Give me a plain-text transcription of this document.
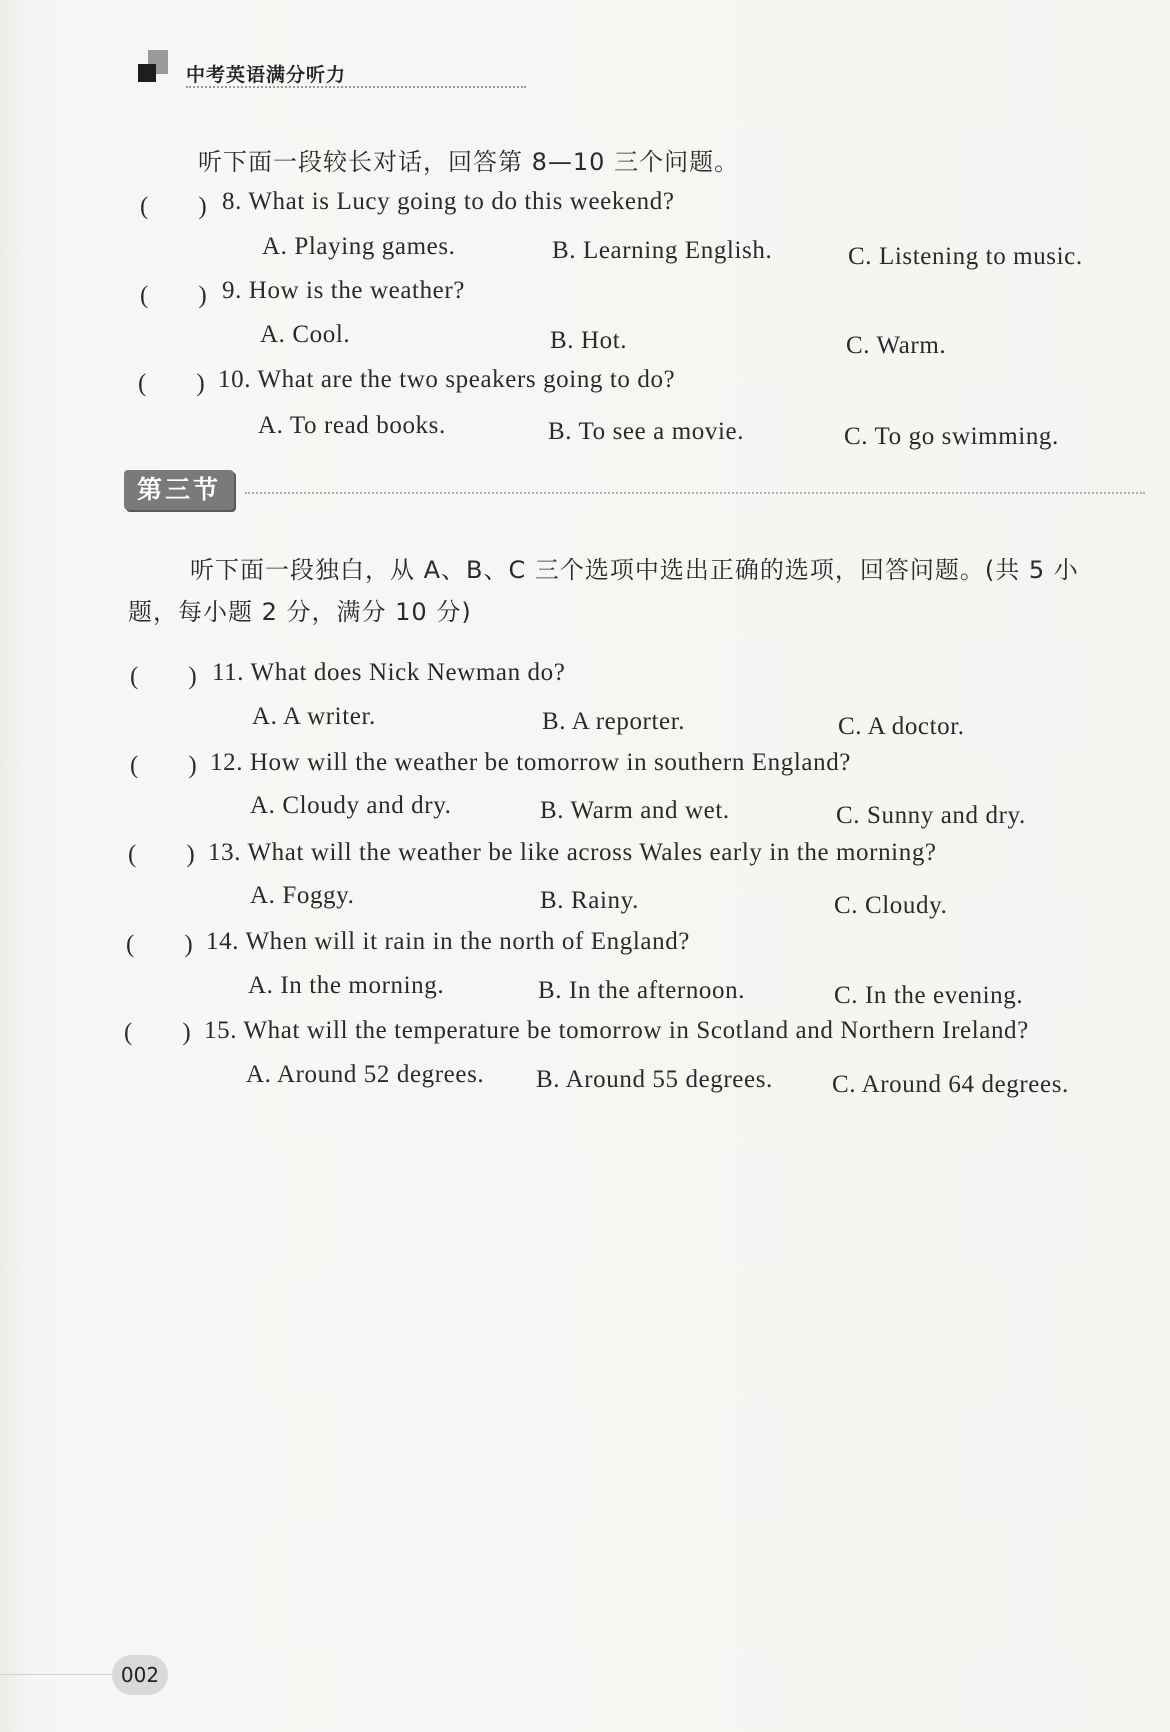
中考英语满分听力
听下面一段较长对话，回答第 8—10 三个问题。
(　　) 8. What is Lucy going to do this weekend?
A. Playing games.	B. Learning English.	C. Listening to music.
(　　) 9. How is the weather?
A. Cool.	B. Hot.	C. Warm.
(　　) 10. What are the two speakers going to do?
A. To read books.	B. To see a movie.	C. To go swimming.
第三节
听下面一段独白，从 A、B、C 三个选项中选出正确的选项，回答问题。(共 5 小
题，每小题 2 分，满分 10 分)
(　　) 11. What does Nick Newman do?
A. A writer.	B. A reporter.	C. A doctor.
(　　) 12. How will the weather be tomorrow in southern England?
A. Cloudy and dry.	B. Warm and wet.	C. Sunny and dry.
(　　) 13. What will the weather be like across Wales early in the morning?
A. Foggy.	B. Rainy.	C. Cloudy.
(　　) 14. When will it rain in the north of England?
A. In the morning.	B. In the afternoon.	C. In the evening.
(　　) 15. What will the temperature be tomorrow in Scotland and Northern Ireland?
A. Around 52 degrees. B. Around 55 degrees. C. Around 64 degrees.
002
